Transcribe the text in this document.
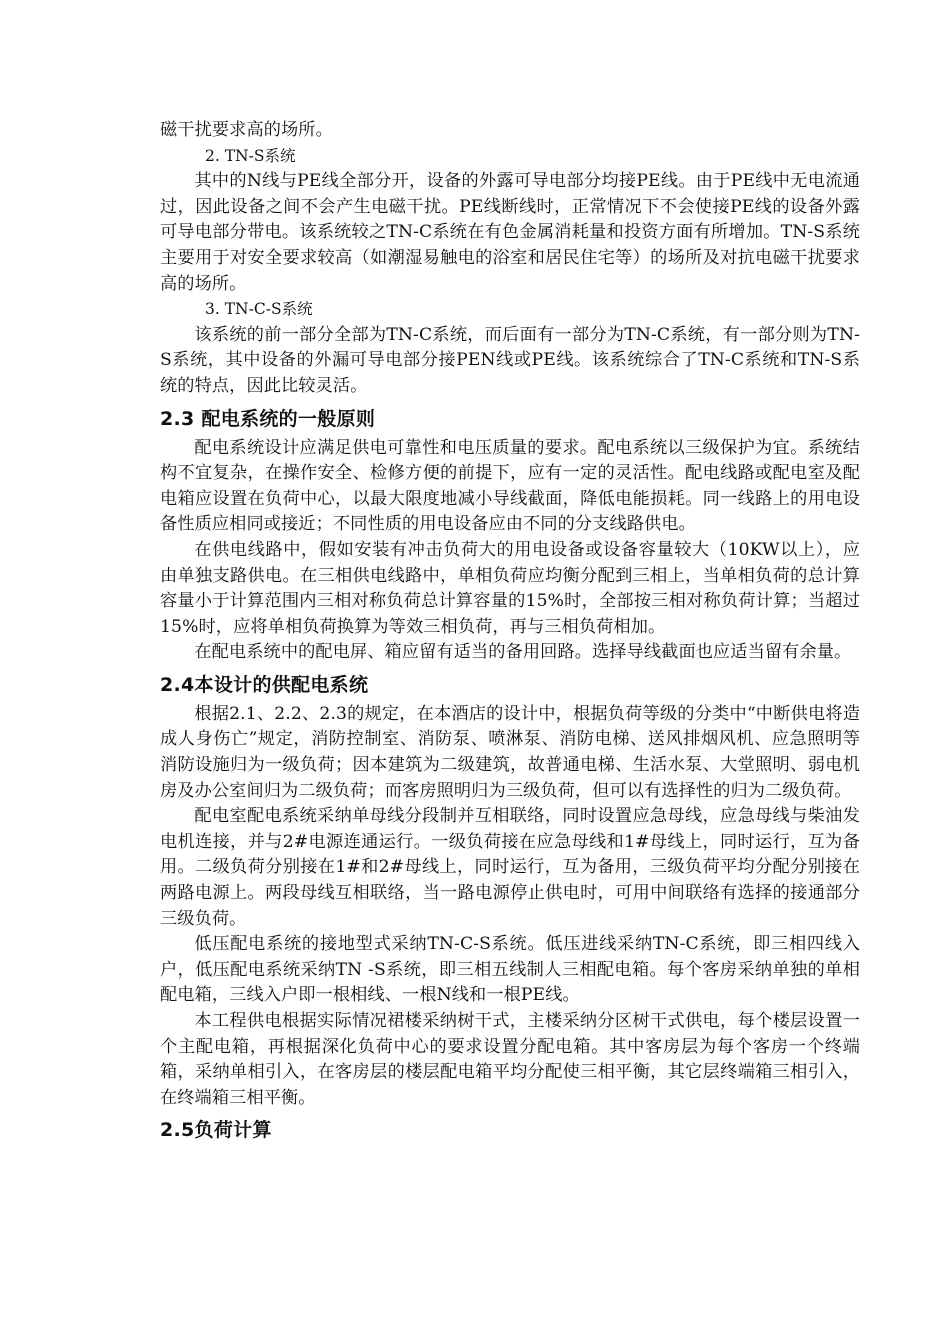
磁干扰要求高的场所。

2. TN-S系统

其中的N线与PE线全部分开，设备的外露可导电部分均接PE线。由于PE线中无电流通过，因此设备之间不会产生电磁干扰。PE线断线时，正常情况下不会使接PE线的设备外露可导电部分带电。该系统较之TN-C系统在有色金属消耗量和投资方面有所增加。TN-S系统主要用于对安全要求较高（如潮湿易触电的浴室和居民住宅等）的场所及对抗电磁干扰要求高的场所。

3. TN-C-S系统

该系统的前一部分全部为TN-C系统，而后面有一部分为TN-C系统，有一部分则为TN-S系统，其中设备的外漏可导电部分接PEN线或PE线。该系统综合了TN-C系统和TN-S系统的特点，因此比较灵活。

2.3 配电系统的一般原则

配电系统设计应满足供电可靠性和电压质量的要求。配电系统以三级保护为宜。系统结构不宜复杂，在操作安全、检修方便的前提下，应有一定的灵活性。配电线路或配电室及配电箱应设置在负荷中心，以最大限度地减小导线截面，降低电能损耗。同一线路上的用电设备性质应相同或接近；不同性质的用电设备应由不同的分支线路供电。

在供电线路中，假如安装有冲击负荷大的用电设备或设备容量较大（10KW以上），应由单独支路供电。在三相供电线路中，单相负荷应均衡分配到三相上，当单相负荷的总计算容量小于计算范围内三相对称负荷总计算容量的15%时，全部按三相对称负荷计算；当超过15%时，应将单相负荷换算为等效三相负荷，再与三相负荷相加。

在配电系统中的配电屏、箱应留有适当的备用回路。选择导线截面也应适当留有余量。

2.4本设计的供配电系统

根据2.1、2.2、2.3的规定，在本酒店的设计中，根据负荷等级的分类中“中断供电将造成人身伤亡”规定，消防控制室、消防泵、喷淋泵、消防电梯、送风排烟风机、应急照明等消防设施归为一级负荷；因本建筑为二级建筑，故普通电梯、生活水泵、大堂照明、弱电机房及办公室间归为二级负荷；而客房照明归为三级负荷，但可以有选择性的归为二级负荷。

配电室配电系统采纳单母线分段制并互相联络，同时设置应急母线，应急母线与柴油发电机连接，并与2#电源连通运行。一级负荷接在应急母线和1#母线上，同时运行，互为备用。二级负荷分别接在1#和2#母线上，同时运行，互为备用，三级负荷平均分配分别接在两路电源上。两段母线互相联络，当一路电源停止供电时，可用中间联络有选择的接通部分三级负荷。

低压配电系统的接地型式采纳TN-C-S系统。低压进线采纳TN-C系统，即三相四线入户，低压配电系统采纳TN -S系统，即三相五线制人三相配电箱。每个客房采纳单独的单相配电箱，三线入户即一根相线、一根N线和一根PE线。

本工程供电根据实际情况裙楼采纳树干式，主楼采纳分区树干式供电，每个楼层设置一个主配电箱，再根据深化负荷中心的要求设置分配电箱。其中客房层为每个客房一个终端箱，采纳单相引入，在客房层的楼层配电箱平均分配使三相平衡，其它层终端箱三相引入，在终端箱三相平衡。

2.5负荷计算
